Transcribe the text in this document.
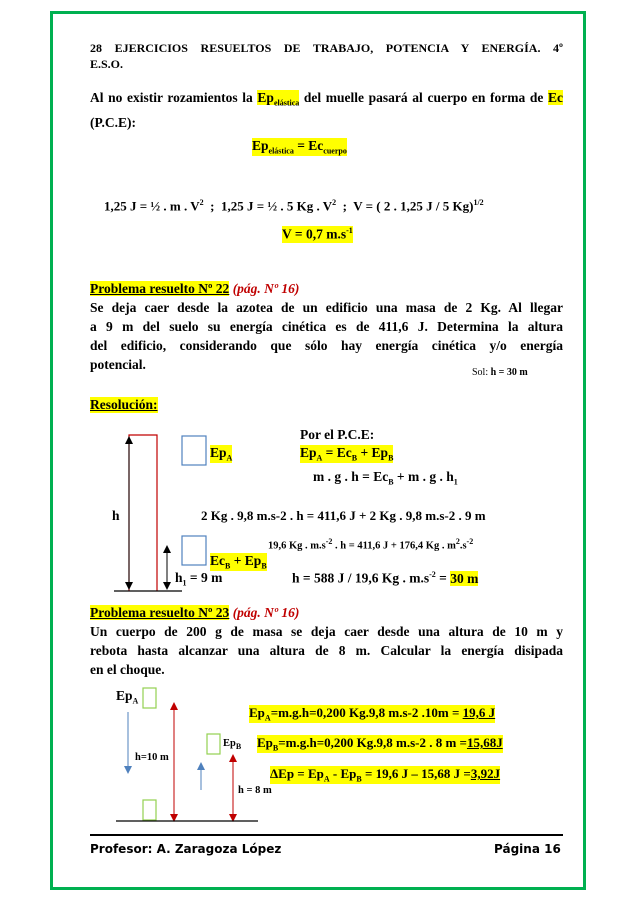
28 EJERCICIOS RESUELTOS DE TRABAJO, POTENCIA Y ENERGÍA. 4º
E.S.O.
Al no existir rozamientos la $Ep_{elástica}$ del muelle pasará al cuerpo en forma de Ec (P.C.E):
$Ep_{elástica} = Ec_{cuerpo}$
1,25 J = ½ . m . $V^2$  ;  1,25 J = ½ . 5 Kg . $V^2$  ;  V = ( 2 . 1,25 J / 5 Kg)$^{1/2}$
V = 0,7 $m.s^{-1}$
Problema resuelto Nº 22 (pág. Nº 16)
Se deja caer desde la azotea de un edificio una masa de 2 Kg. Al llegar
a 9 m del suelo su energía cinética es de 411,6 J. Determina la altura
del edificio, considerando que sólo hay energía cinética y/o energía
potencial.
Sol: h = 30 m
Resolución:
Por el P.C.E:
$Ep_A$	$Ep_A = Ec_B + Ep_B$
m . g . $h = Ec_B + m$ . g . $h_1$
h	2 Kg . 9,8 m.s-2 . h = 411,6 J + 2 Kg . 9,8 m.s-2 . 9 m
19,6 Kg . $m.s^{-2}$ . h = 411,6 J + 176,4 Kg . $m^2.s^{-2}$
$Ec_B + Ep_B$
$h_1 = 9$ m	h = 588 J / 19,6 Kg . $m.s^{-2} = 30$ m
Problema resuelto Nº 23 (pág. Nº 16)
Un cuerpo de 200 g de masa se deja caer desde una altura de 10 m y
rebota hasta alcanzar una altura de 8 m. Calcular la energía disipada
en el choque.
$Ep_A$
$Ep_A=m.g.h=0,200$ Kg.9,8 m.s-2 .10m = 19,6 J
$Ep_B$ $Ep_B=m.g.h=0,200$ Kg.9,8 m.s-2 . 8 m =15,68J
h=10 m
$\Delta Ep = Ep_A - Ep_B = 19,6$ J – 15,68 J =3,92J
h = 8 m
Profesor: A. Zaragoza López	Página 16
